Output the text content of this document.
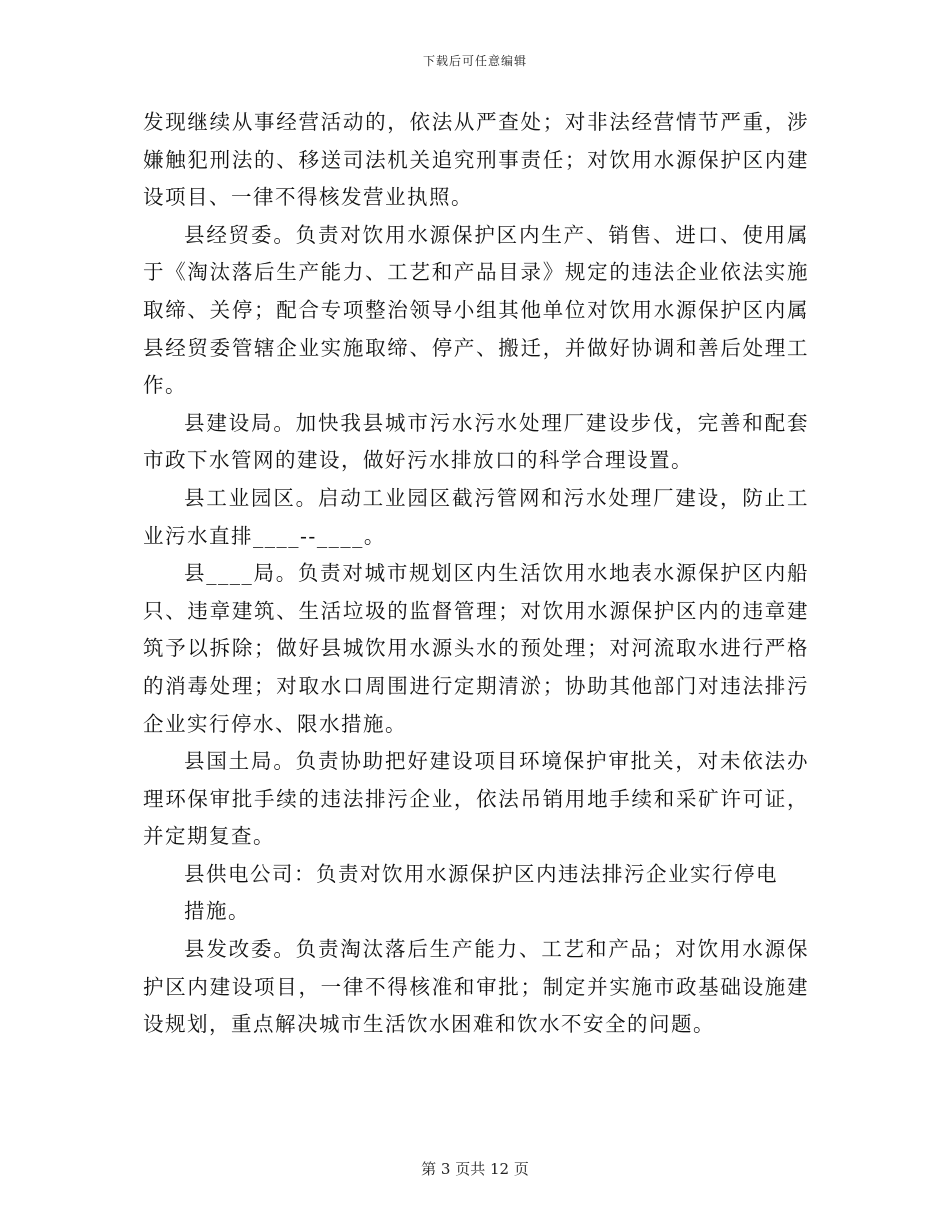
下载后可任意编辑

发现继续从事经营活动的，依法从严查处；对非法经营情节严重，涉嫌触犯刑法的、移送司法机关追究刑事责任；对饮用水源保护区内建设项目、一律不得核发营业执照。

县经贸委。负责对饮用水源保护区内生产、销售、进口、使用属于《淘汰落后生产能力、工艺和产品目录》规定的违法企业依法实施取缔、关停；配合专项整治领导小组其他单位对饮用水源保护区内属县经贸委管辖企业实施取缔、停产、搬迁，并做好协调和善后处理工作。

县建设局。加快我县城市污水污水处理厂建设步伐，完善和配套市政下水管网的建设，做好污水排放口的科学合理设置。

县工业园区。启动工业园区截污管网和污水处理厂建设，防止工业污水直排____--____。

县____局。负责对城市规划区内生活饮用水地表水源保护区内船只、违章建筑、生活垃圾的监督管理；对饮用水源保护区内的违章建筑予以拆除；做好县城饮用水源头水的预处理；对河流取水进行严格的消毒处理；对取水口周围进行定期清淤；协助其他部门对违法排污企业实行停水、限水措施。

县国土局。负责协助把好建设项目环境保护审批关，对未依法办理环保审批手续的违法排污企业，依法吊销用地手续和采矿许可证，并定期复查。

县供电公司：负责对饮用水源保护区内违法排污企业实行停电

措施。

县发改委。负责淘汰落后生产能力、工艺和产品；对饮用水源保护区内建设项目，一律不得核准和审批；制定并实施市政基础设施建设规划，重点解决城市生活饮水困难和饮水不安全的问题。

第 3 页共 12 页
